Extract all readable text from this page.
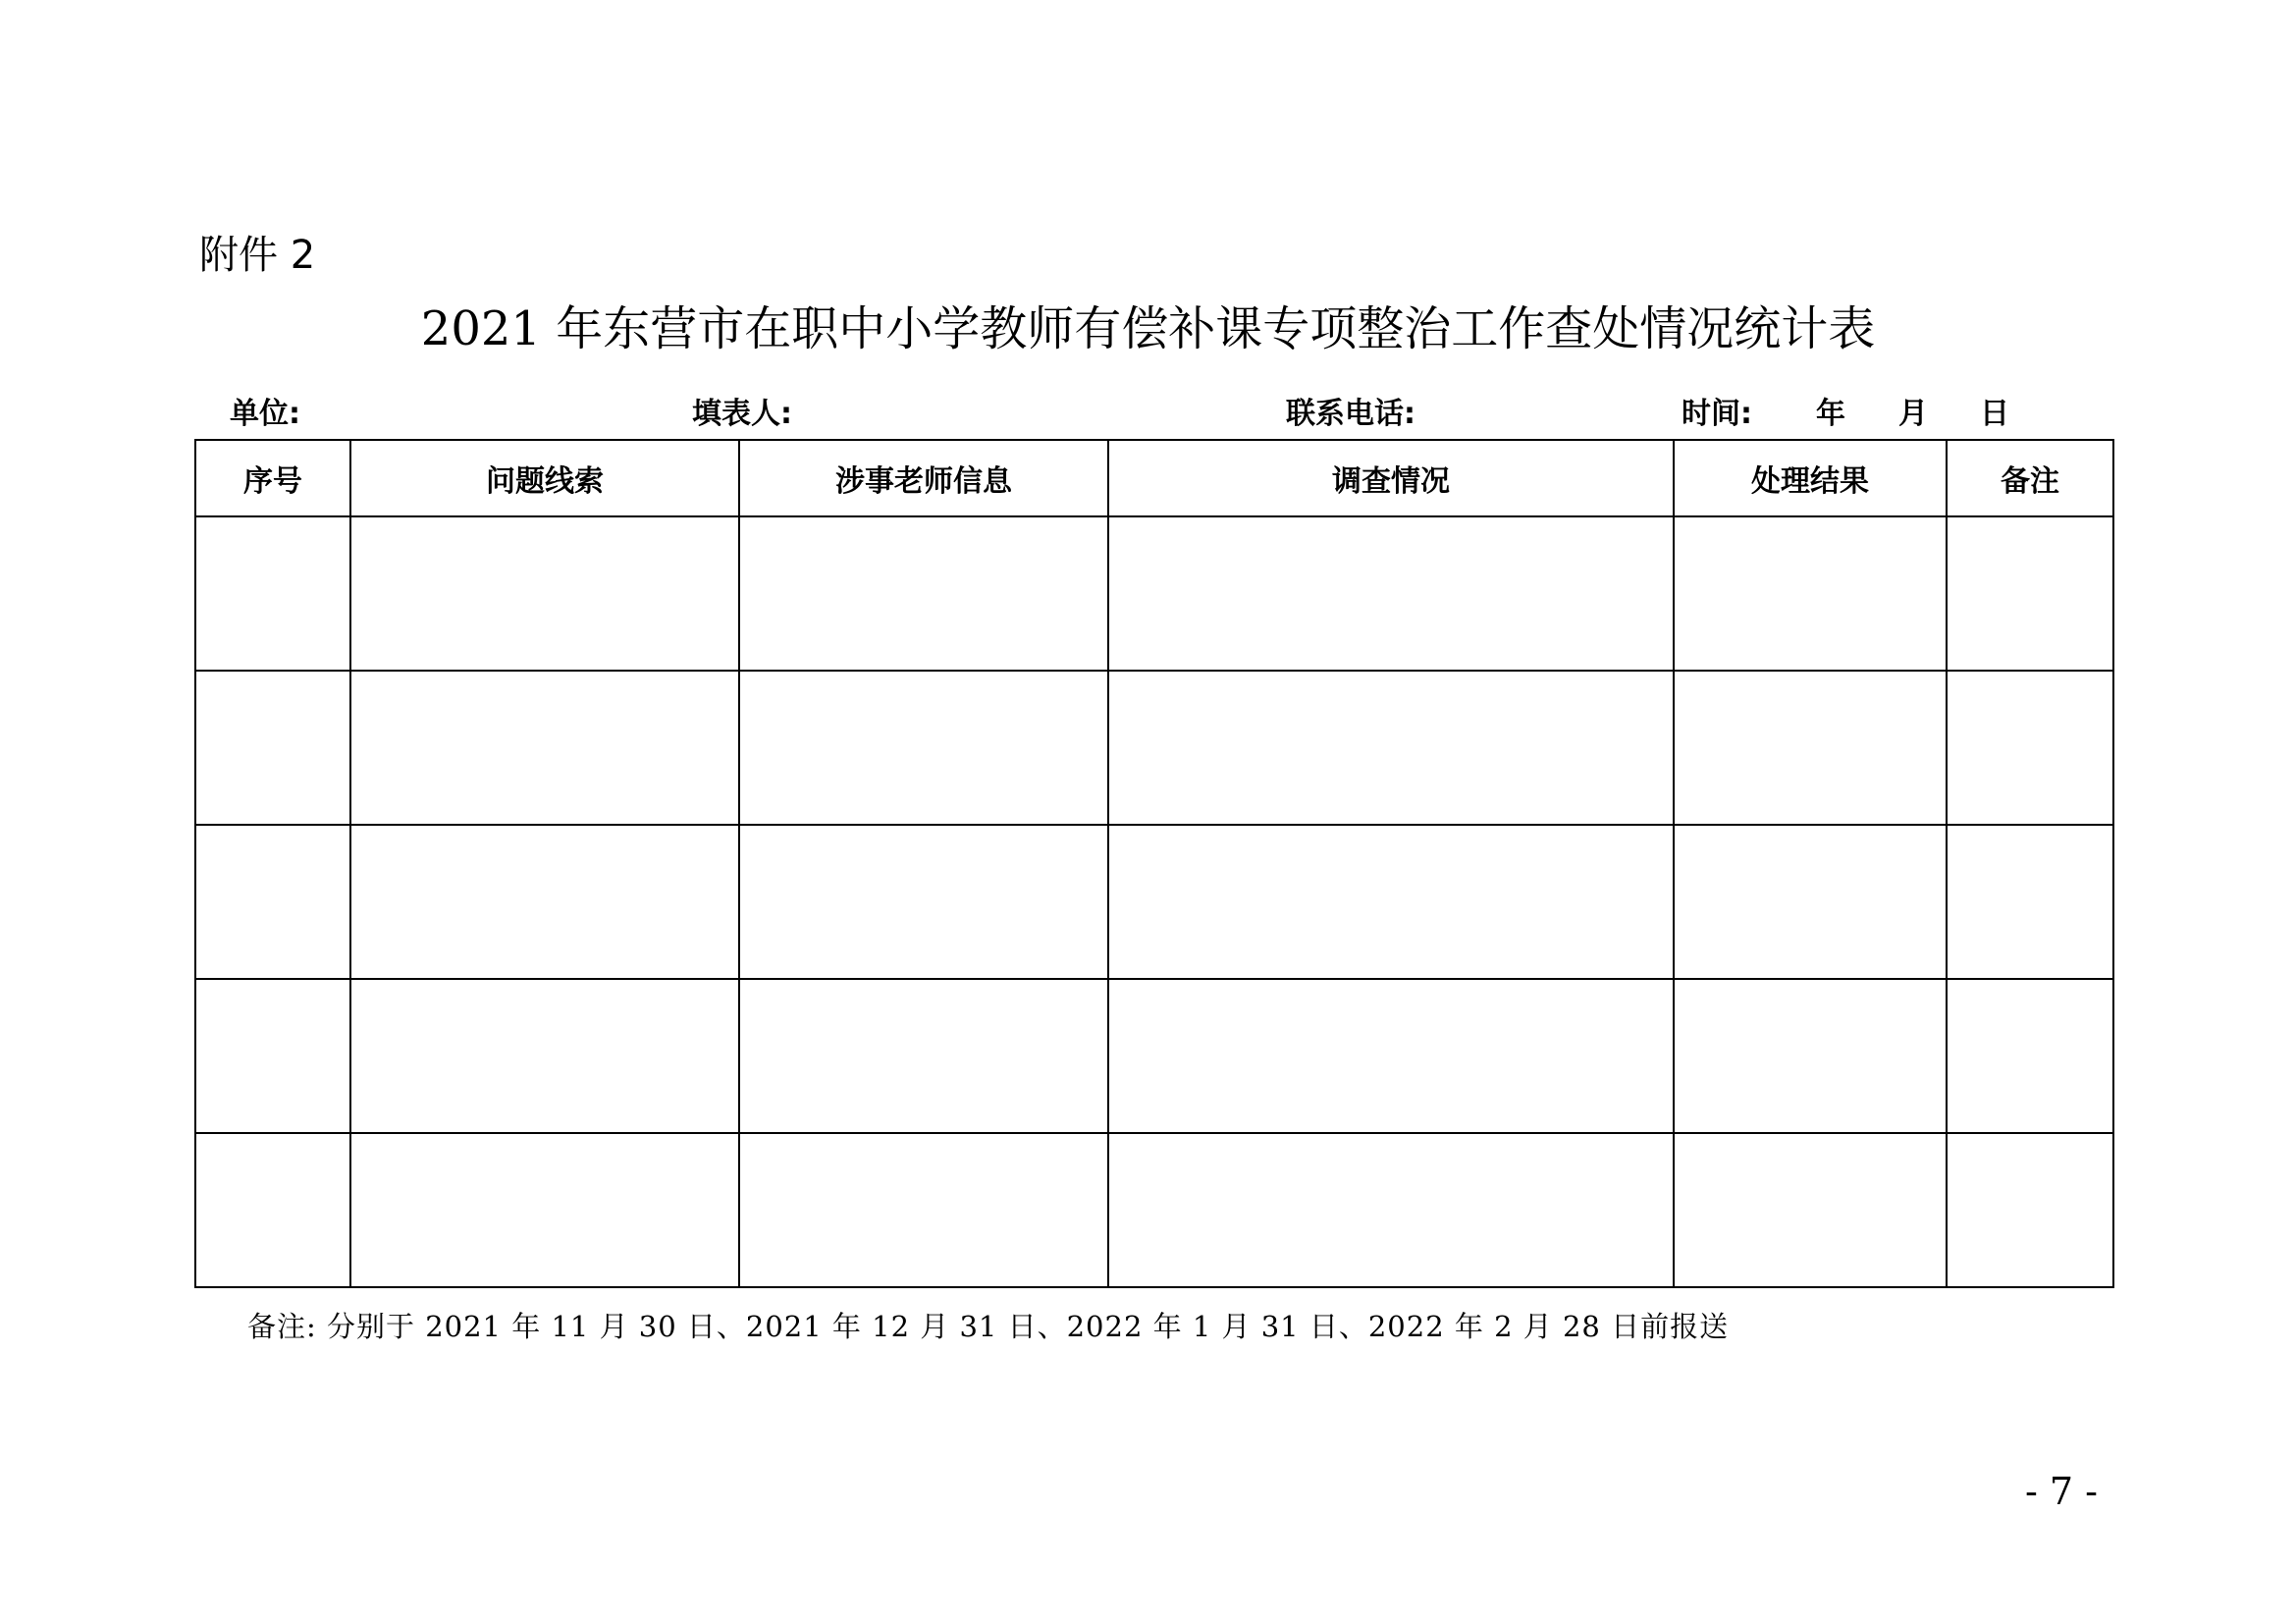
附件 2
2021 年东营市在职中小学教师有偿补课专项整治工作查处情况统计表
单位:	填表人:	联系电话:	时间: 年 月 日
序号	问题线索	涉事老师信息	调查情况	处理结果	备注

备注: 分别于 2021 年 11 月 30 日、2021 年 12 月 31 日、2022 年 1 月 31 日、2022 年 2 月 28 日前报送
- 7 -
